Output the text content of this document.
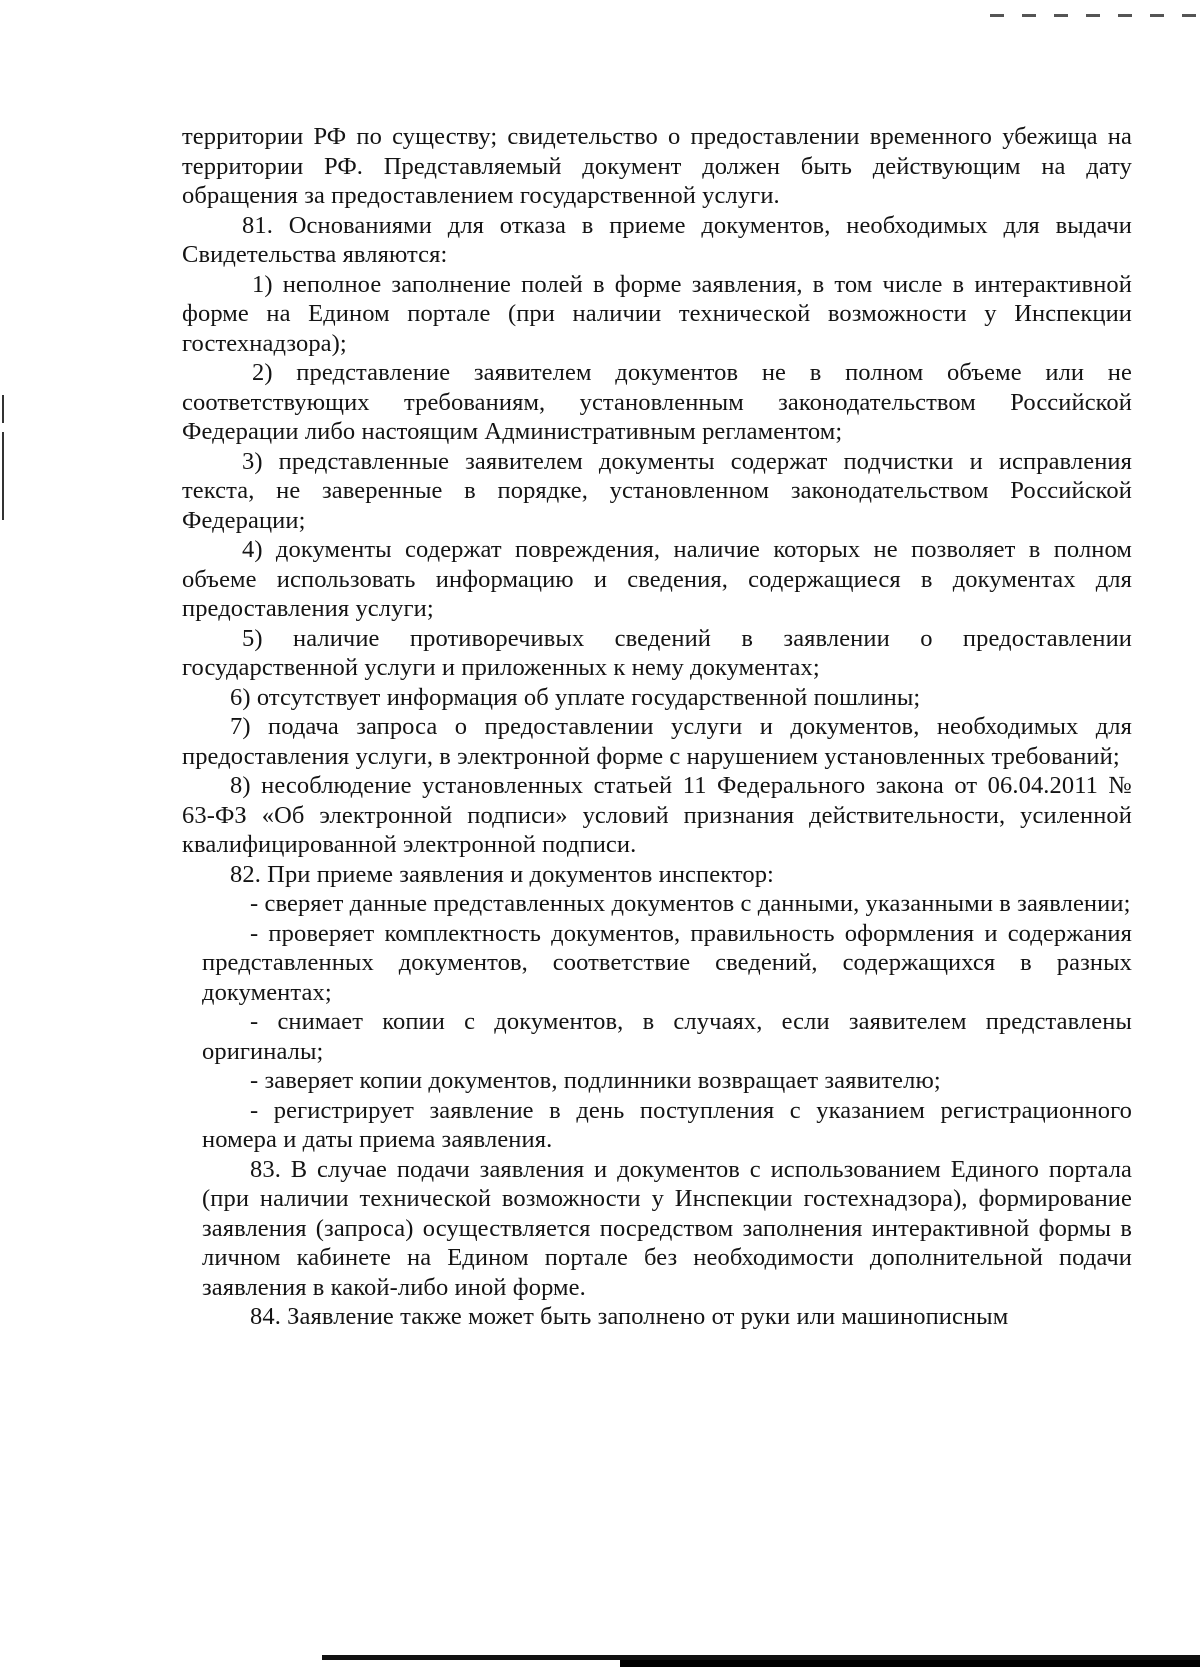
территории РФ по существу; свидетельство о предоставлении временного убежища на территории РФ. Представляемый документ должен быть действующим на дату обращения за предоставлением государственной услуги.

81. Основаниями для отказа в приеме документов, необходимых для выдачи Свидетельства являются:

1) неполное заполнение полей в форме заявления, в том числе в интерактивной форме на Едином портале (при наличии технической возможности у Инспекции гостехнадзора);

2) представление заявителем документов не в полном объеме или не соответствующих требованиям, установленным законодательством Российской Федерации либо настоящим Административным регламентом;

3) представленные заявителем документы содержат подчистки и исправления текста, не заверенные в порядке, установленном законодательством Российской Федерации;

4) документы содержат повреждения, наличие которых не позволяет в полном объеме использовать информацию и сведения, содержащиеся в документах для предоставления услуги;

5) наличие противоречивых сведений в заявлении о предоставлении государственной услуги и приложенных к нему документах;

6) отсутствует информация об уплате государственной пошлины;

7) подача запроса о предоставлении услуги и документов, необходимых для предоставления услуги, в электронной форме с нарушением установленных требований;

8) несоблюдение установленных статьей 11 Федерального закона от 06.04.2011 № 63-ФЗ «Об электронной подписи» условий признания действительности, усиленной квалифицированной электронной подписи.

82. При приеме заявления и документов инспектор:

- сверяет данные представленных документов с данными, указанными в заявлении;

- проверяет комплектность документов, правильность оформления и содержания представленных документов, соответствие сведений, содержащихся в разных документах;

- снимает копии с документов, в случаях, если заявителем представлены оригиналы;

- заверяет копии документов, подлинники возвращает заявителю;

- регистрирует заявление в день поступления с указанием регистрационного номера и даты приема заявления.

83. В случае подачи заявления и документов с использованием Единого портала (при наличии технической возможности у Инспекции гостехнадзора), формирование заявления (запроса) осуществляется посредством заполнения интерактивной формы в личном кабинете на Едином портале без необходимости дополнительной подачи заявления в какой-либо иной форме.

84. Заявление также может быть заполнено от руки или машинописным
